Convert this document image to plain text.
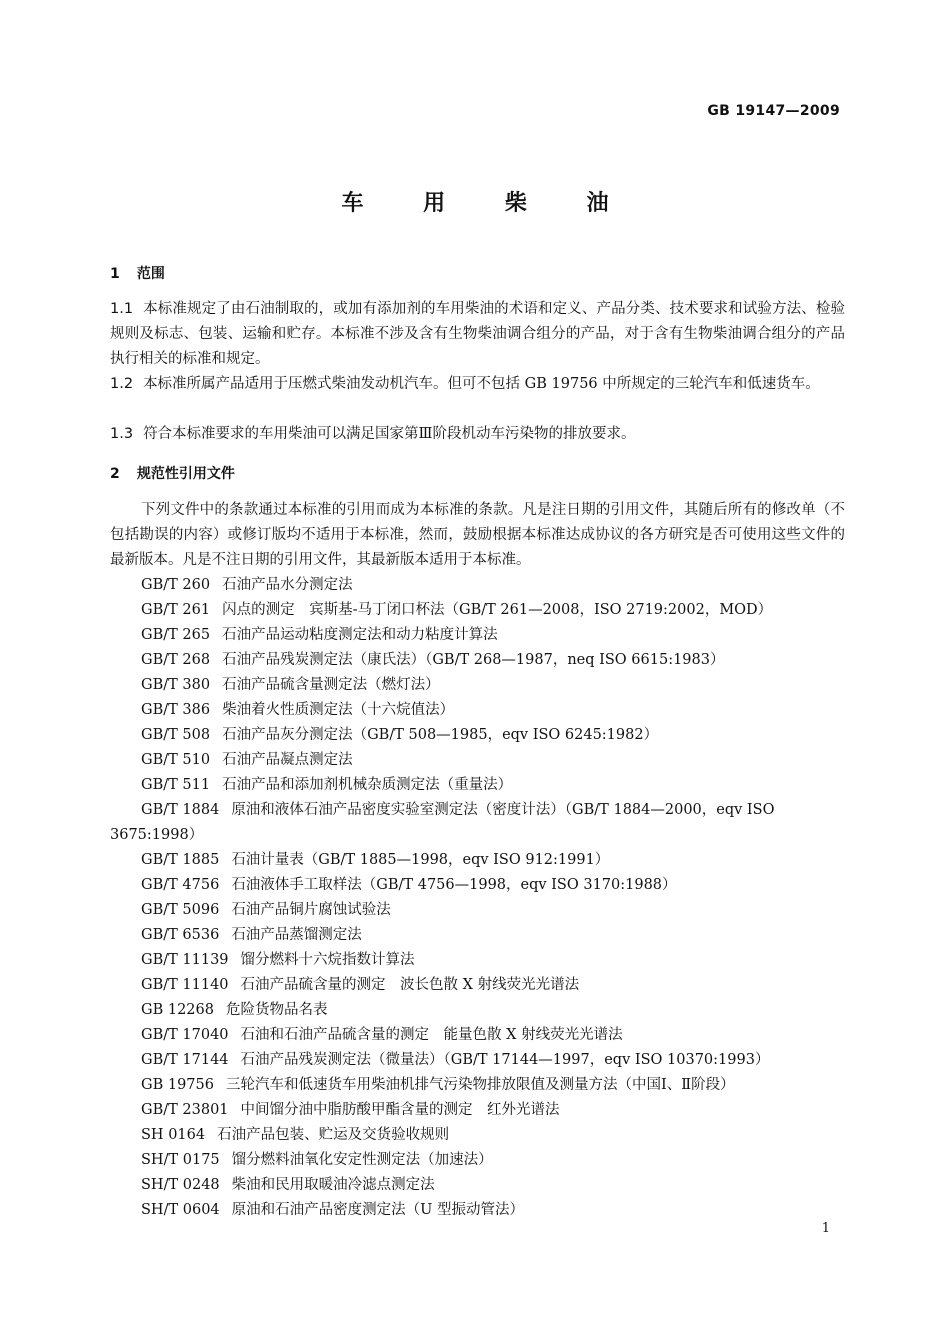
GB 19147—2009
车 用 柴 油
1 范围
1.1 本标准规定了由石油制取的，或加有添加剂的车用柴油的术语和定义、产品分类、技术要求和试验方法、检验规则及标志、包装、运输和贮存。本标准不涉及含有生物柴油调合组分的产品，对于含有生物柴油调合组分的产品执行相关的标准和规定。
1.2 本标准所属产品适用于压燃式柴油发动机汽车。但可不包括 GB 19756 中所规定的三轮汽车和低速货车。
1.3 符合本标准要求的车用柴油可以满足国家第Ⅲ阶段机动车污染物的排放要求。
2 规范性引用文件
下列文件中的条款通过本标准的引用而成为本标准的条款。凡是注日期的引用文件，其随后所有的修改单（不包括勘误的内容）或修订版均不适用于本标准，然而，鼓励根据本标准达成协议的各方研究是否可使用这些文件的最新版本。凡是不注日期的引用文件，其最新版本适用于本标准。
GB/T 260 石油产品水分测定法
GB/T 261 闪点的测定　宾斯基-马丁闭口杯法（GB/T 261—2008，ISO 2719:2002，MOD）
GB/T 265 石油产品运动粘度测定法和动力粘度计算法
GB/T 268 石油产品残炭测定法（康氏法）（GB/T 268—1987，neq ISO 6615:1983）
GB/T 380 石油产品硫含量测定法（燃灯法）
GB/T 386 柴油着火性质测定法（十六烷值法）
GB/T 508 石油产品灰分测定法（GB/T 508—1985，eqv ISO 6245:1982）
GB/T 510 石油产品凝点测定法
GB/T 511 石油产品和添加剂机械杂质测定法（重量法）
GB/T 1884 原油和液体石油产品密度实验室测定法（密度计法）（GB/T 1884—2000，eqv ISO 3675:1998）
GB/T 1885 石油计量表（GB/T 1885—1998，eqv ISO 912:1991）
GB/T 4756 石油液体手工取样法（GB/T 4756—1998，eqv ISO 3170:1988）
GB/T 5096 石油产品铜片腐蚀试验法
GB/T 6536 石油产品蒸馏测定法
GB/T 11139 馏分燃料十六烷指数计算法
GB/T 11140 石油产品硫含量的测定　波长色散 X 射线荧光光谱法
GB 12268 危险货物品名表
GB/T 17040 石油和石油产品硫含量的测定　能量色散 X 射线荧光光谱法
GB/T 17144 石油产品残炭测定法（微量法）（GB/T 17144—1997，eqv ISO 10370:1993）
GB 19756 三轮汽车和低速货车用柴油机排气污染物排放限值及测量方法（中国Ⅰ、Ⅱ阶段）
GB/T 23801 中间馏分油中脂肪酸甲酯含量的测定　红外光谱法
SH 0164 石油产品包装、贮运及交货验收规则
SH/T 0175 馏分燃料油氧化安定性测定法（加速法）
SH/T 0248 柴油和民用取暖油冷滤点测定法
SH/T 0604 原油和石油产品密度测定法（U 型振动管法）
1
